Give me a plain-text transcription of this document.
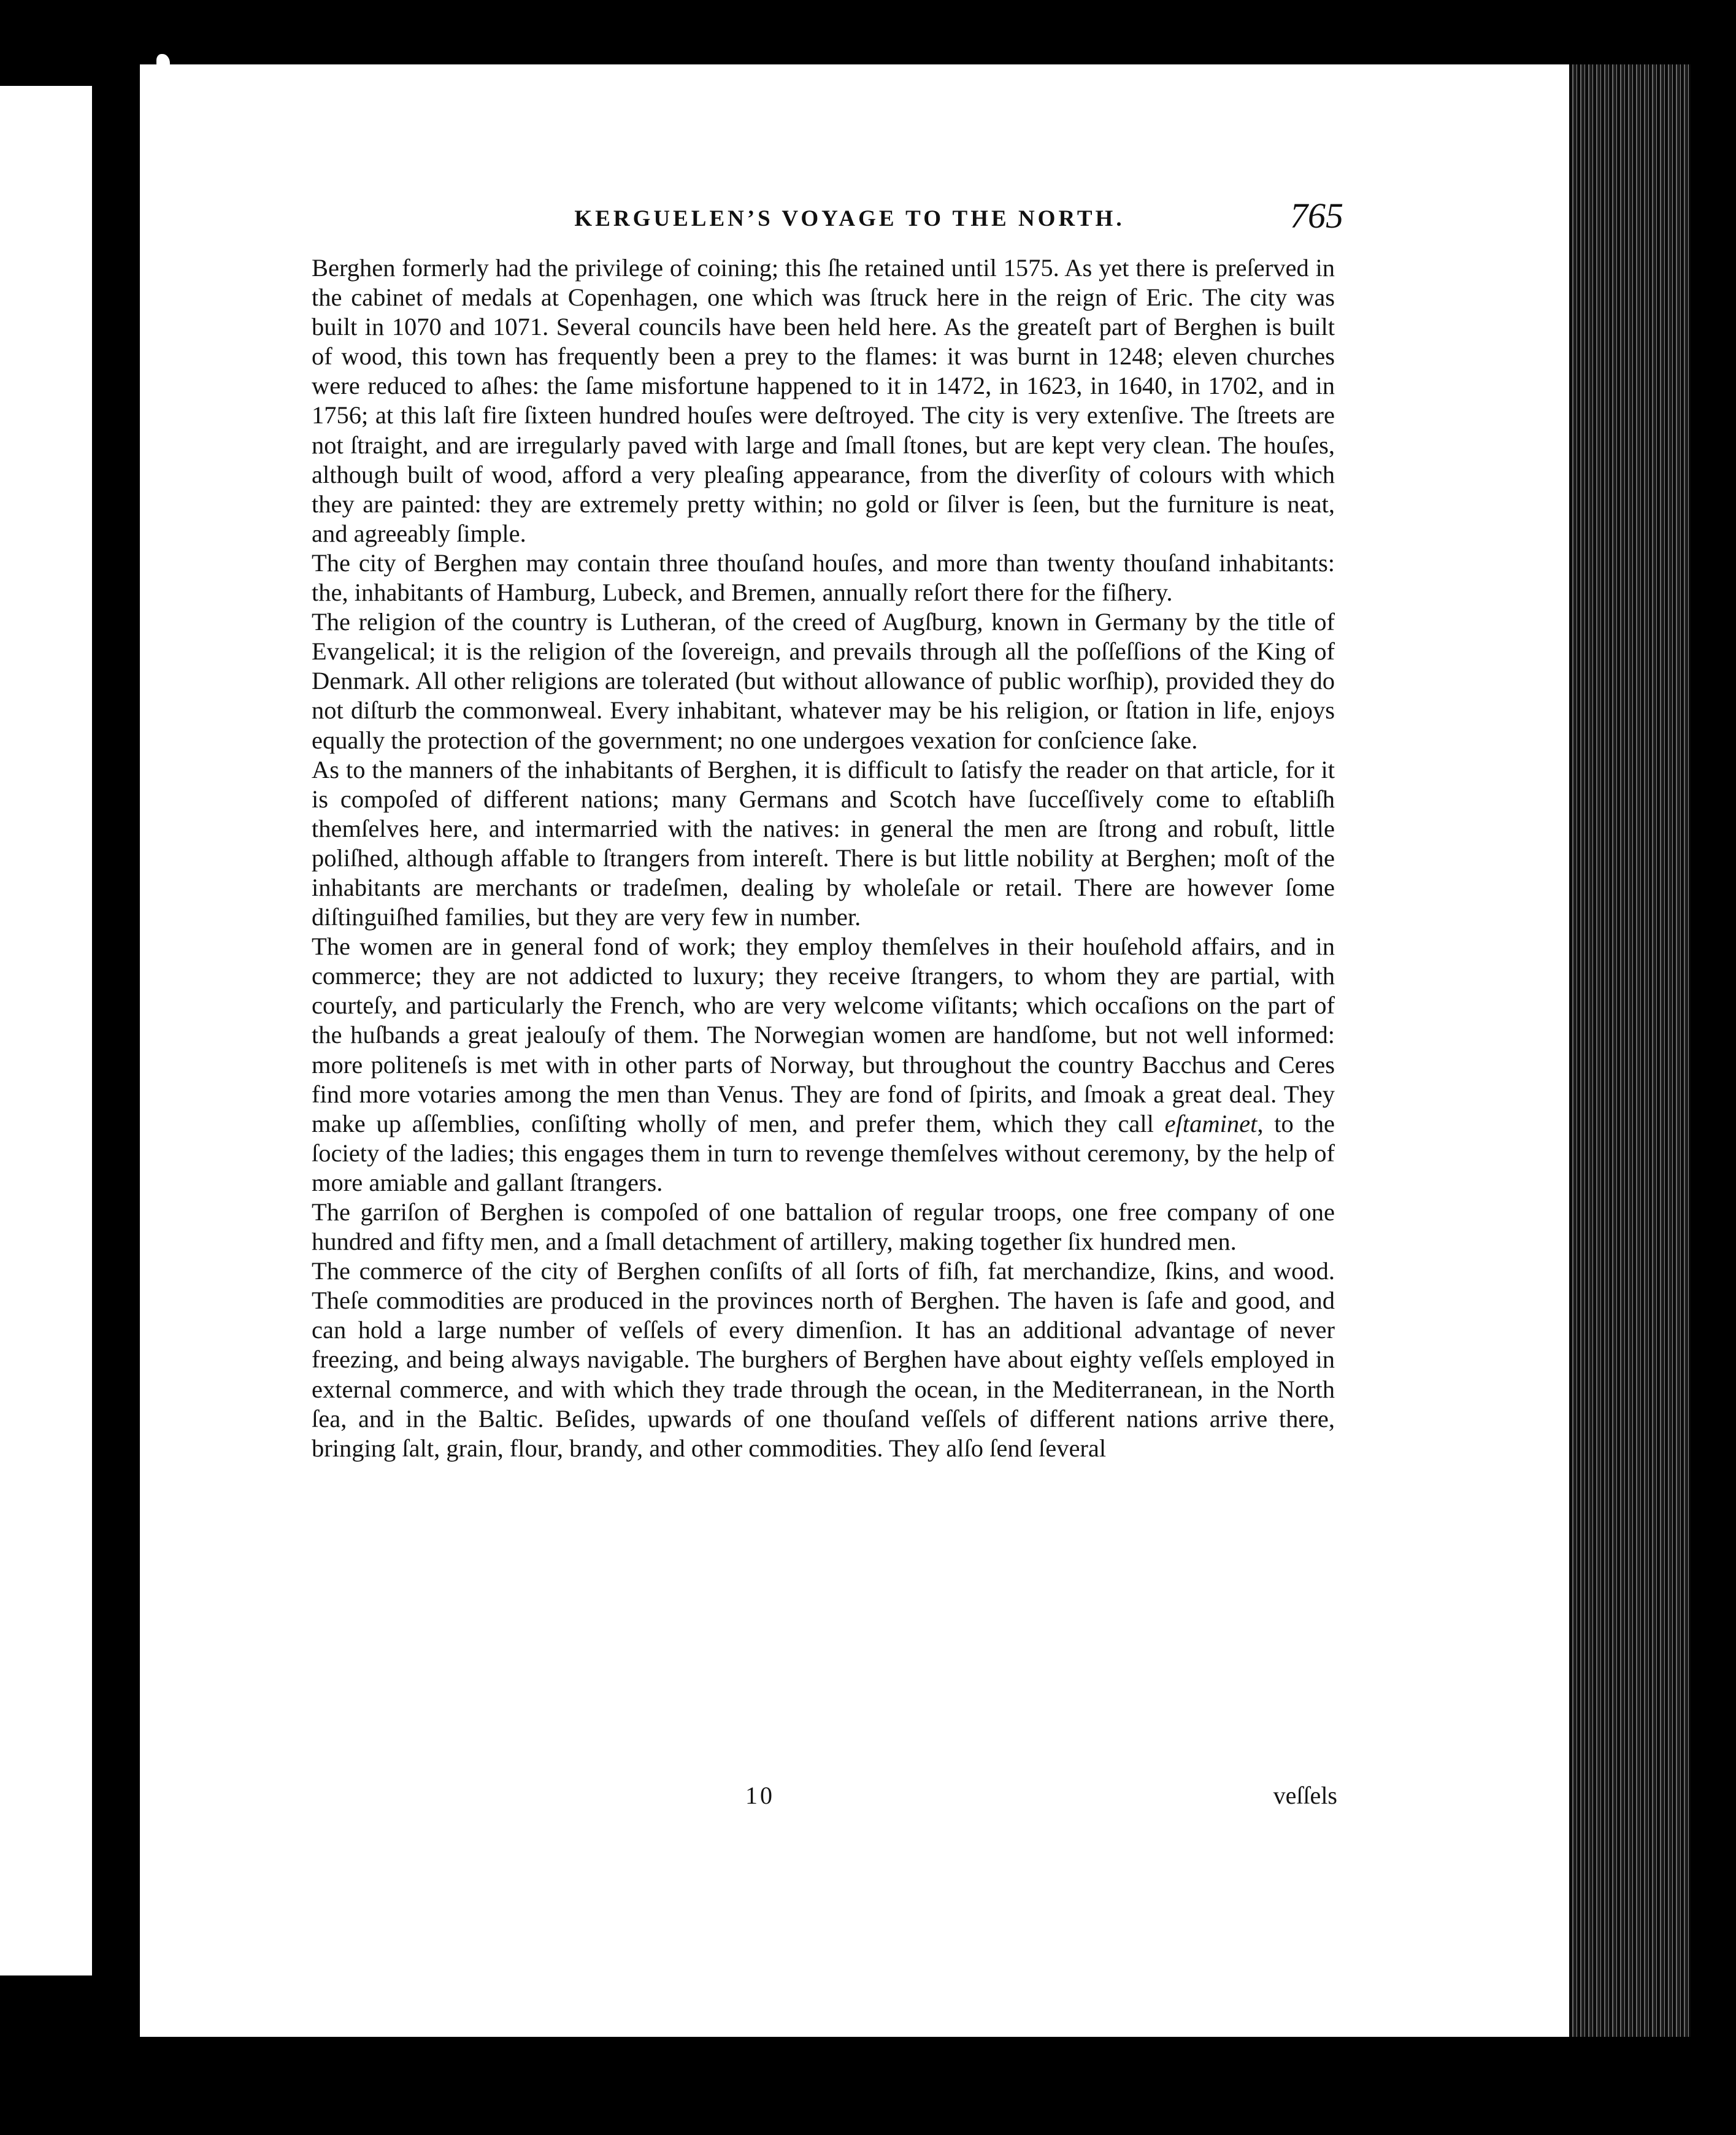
KERGUELEN’S VOYAGE TO THE NORTH.	765

Berghen formerly had the privilege of coining; this ſhe retained until 1575. As yet there is preſerved in the cabinet of medals at Copenhagen, one which was ſtruck here in the reign of Eric. The city was built in 1070 and 1071. Several councils have been held here. As the greateſt part of Berghen is built of wood, this town has frequently been a prey to the flames: it was burnt in 1248; eleven churches were reduced to aſhes: the ſame misfortune happened to it in 1472, in 1623, in 1640, in 1702, and in 1756; at this laſt fire ſixteen hundred houſes were deſtroyed. The city is very extenſive. The ſtreets are not ſtraight, and are irregularly paved with large and ſmall ſtones, but are kept very clean. The houſes, although built of wood, afford a very pleaſing appearance, from the diverſity of colours with which they are painted: they are extremely pretty within; no gold or ſilver is ſeen, but the furniture is neat, and agreeably ſimple.

The city of Berghen may contain three thouſand houſes, and more than twenty thouſand inhabitants: the, inhabitants of Hamburg, Lubeck, and Bremen, annually reſort there for the fiſhery.

The religion of the country is Lutheran, of the creed of Augſburg, known in Germany by the title of Evangelical; it is the religion of the ſovereign, and prevails through all the poſſeſſions of the King of Denmark. All other religions are tolerated (but without allowance of public worſhip), provided they do not diſturb the commonweal. Every inhabitant, whatever may be his religion, or ſtation in life, enjoys equally the protection of the government; no one undergoes vexation for conſcience ſake.

As to the manners of the inhabitants of Berghen, it is difficult to ſatisfy the reader on that article, for it is compoſed of different nations; many Germans and Scotch have ſucceſſively come to eſtabliſh themſelves here, and intermarried with the natives: in general the men are ſtrong and robuſt, little poliſhed, although affable to ſtrangers from intereſt. There is but little nobility at Berghen; moſt of the inhabitants are merchants or tradeſmen, dealing by wholeſale or retail. There are however ſome diſtinguiſhed families, but they are very few in number.

The women are in general fond of work; they employ themſelves in their houſehold affairs, and in commerce; they are not addicted to luxury; they receive ſtrangers, to whom they are partial, with courteſy, and particularly the French, who are very welcome viſitants; which occaſions on the part of the huſbands a great jealouſy of them. The Norwegian women are handſome, but not well informed: more politeneſs is met with in other parts of Norway, but throughout the country Bacchus and Ceres find more votaries among the men than Venus. They are fond of ſpirits, and ſmoak a great deal. They make up aſſemblies, conſiſting wholly of men, and prefer them, which they call eſtaminet, to the ſociety of the ladies; this engages them in turn to revenge themſelves without ceremony, by the help of more amiable and gallant ſtrangers.

The garriſon of Berghen is compoſed of one battalion of regular troops, one free company of one hundred and fifty men, and a ſmall detachment of artillery, making together ſix hundred men.

The commerce of the city of Berghen conſiſts of all ſorts of fiſh, fat merchandize, ſkins, and wood. Theſe commodities are produced in the provinces north of Berghen. The haven is ſafe and good, and can hold a large number of veſſels of every dimenſion. It has an additional advantage of never freezing, and being always navigable. The burghers of Berghen have about eighty veſſels employed in external commerce, and with which they trade through the ocean, in the Mediterranean, in the North ſea, and in the Baltic. Beſides, upwards of one thouſand veſſels of different nations arrive there, bringing ſalt, grain, flour, brandy, and other commodities. They alſo ſend ſeveral

10	veſſels
